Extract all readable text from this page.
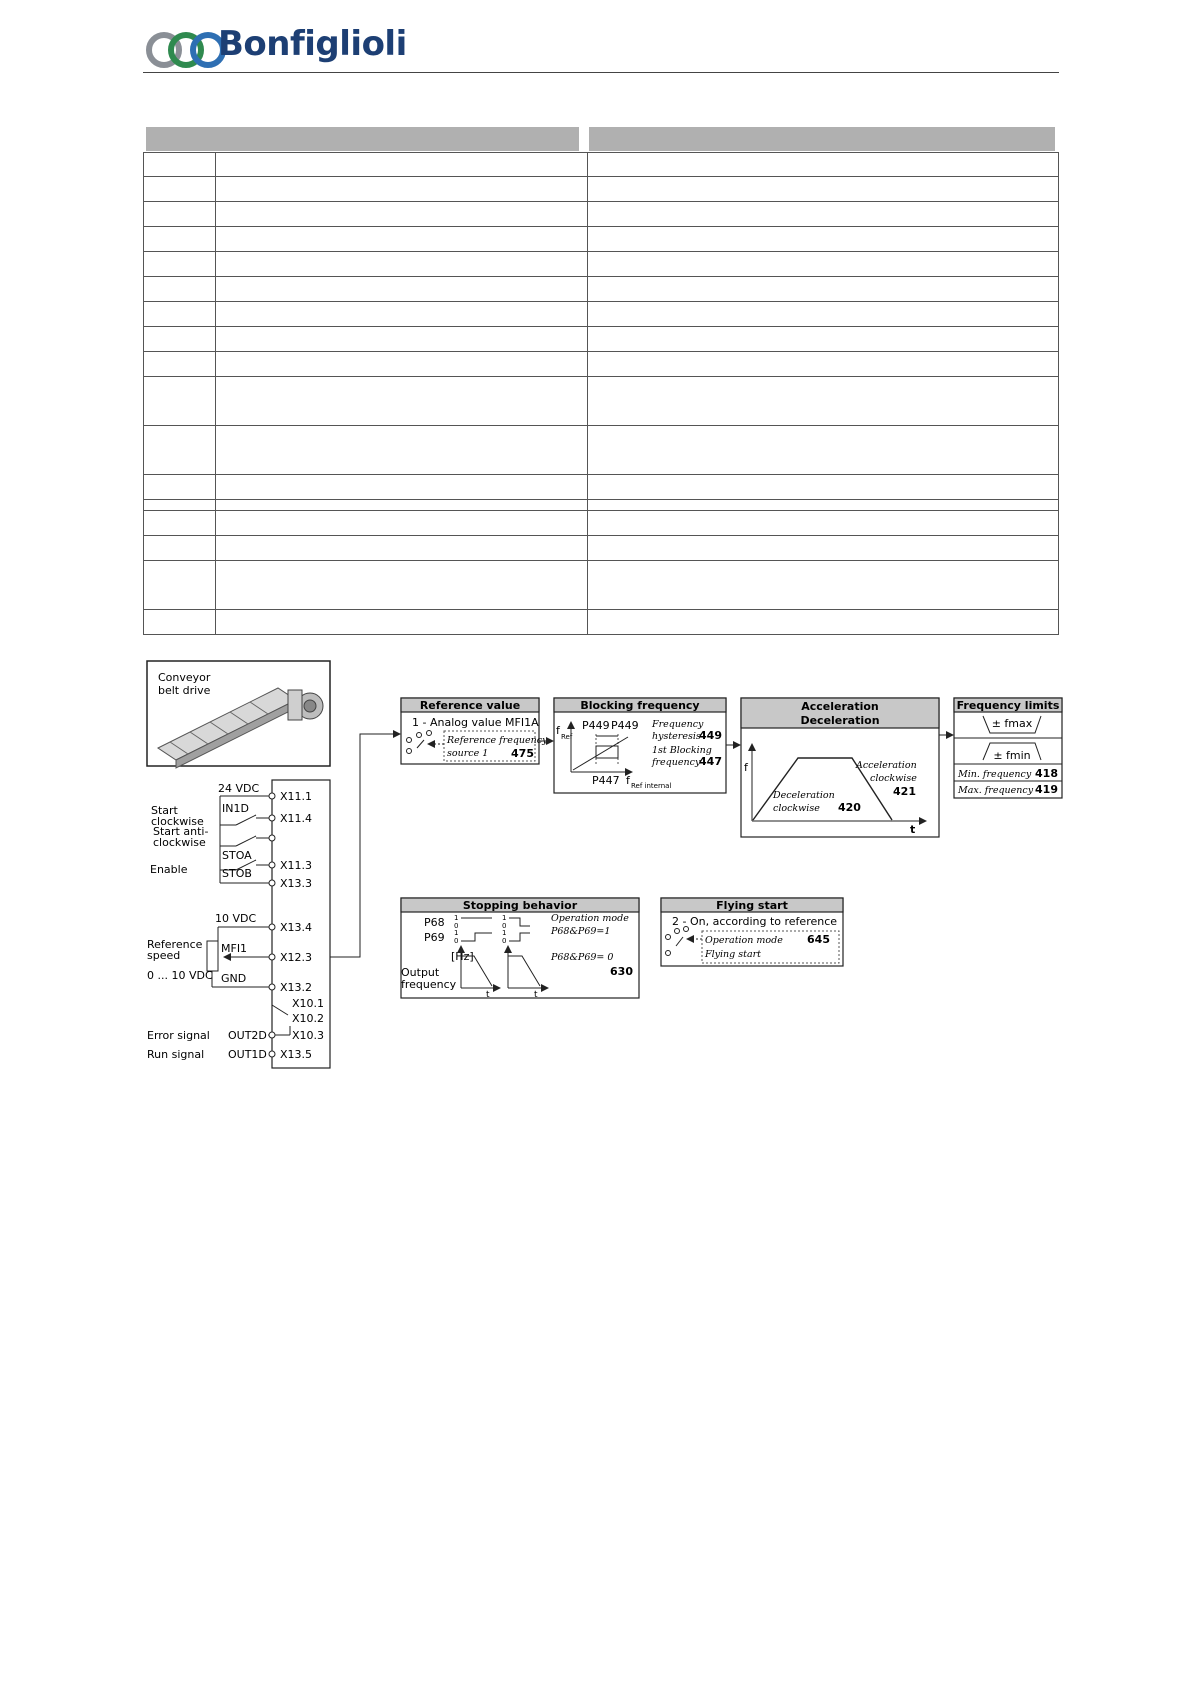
Bonfiglioli
Conveyor
belt drive
24 VDC
X11.1
IN1D
X11.4
Start
clockwise
Start anti-
clockwise
STOA
X11.3
Enable	STOB
X13.3
10 VDC
X13.4
MFI1
X12.3
Reference
speed
0 ... 10 VDC GND
X13.2
X10.1
X10.2
Error signal OUT2D X10.3
Run signal OUT1D X13.5
Reference value
1 - Analog value MFI1A
Reference frequency
source 1 475
Blocking frequency
f Ref
P449 P449 Frequency
hysteresis
449
1st Blocking
frequency
447
P447 f Ref internal
Acceleration
Deceleration
f	Acceleration
clockwise
421
Deceleration
clockwise 420
t
Frequency limits
± fmax
± fmin
Min. frequency 418
Max. frequency 419
Stopping behavior
P68
P69
1
0
1
0
1
0
1
0
Operation mode
P68&P69=1
[Hz]	P68&P69= 0
630
Output
frequency
t	t
Flying start
2 - On, according to reference
Operation mode 645
Flying start
